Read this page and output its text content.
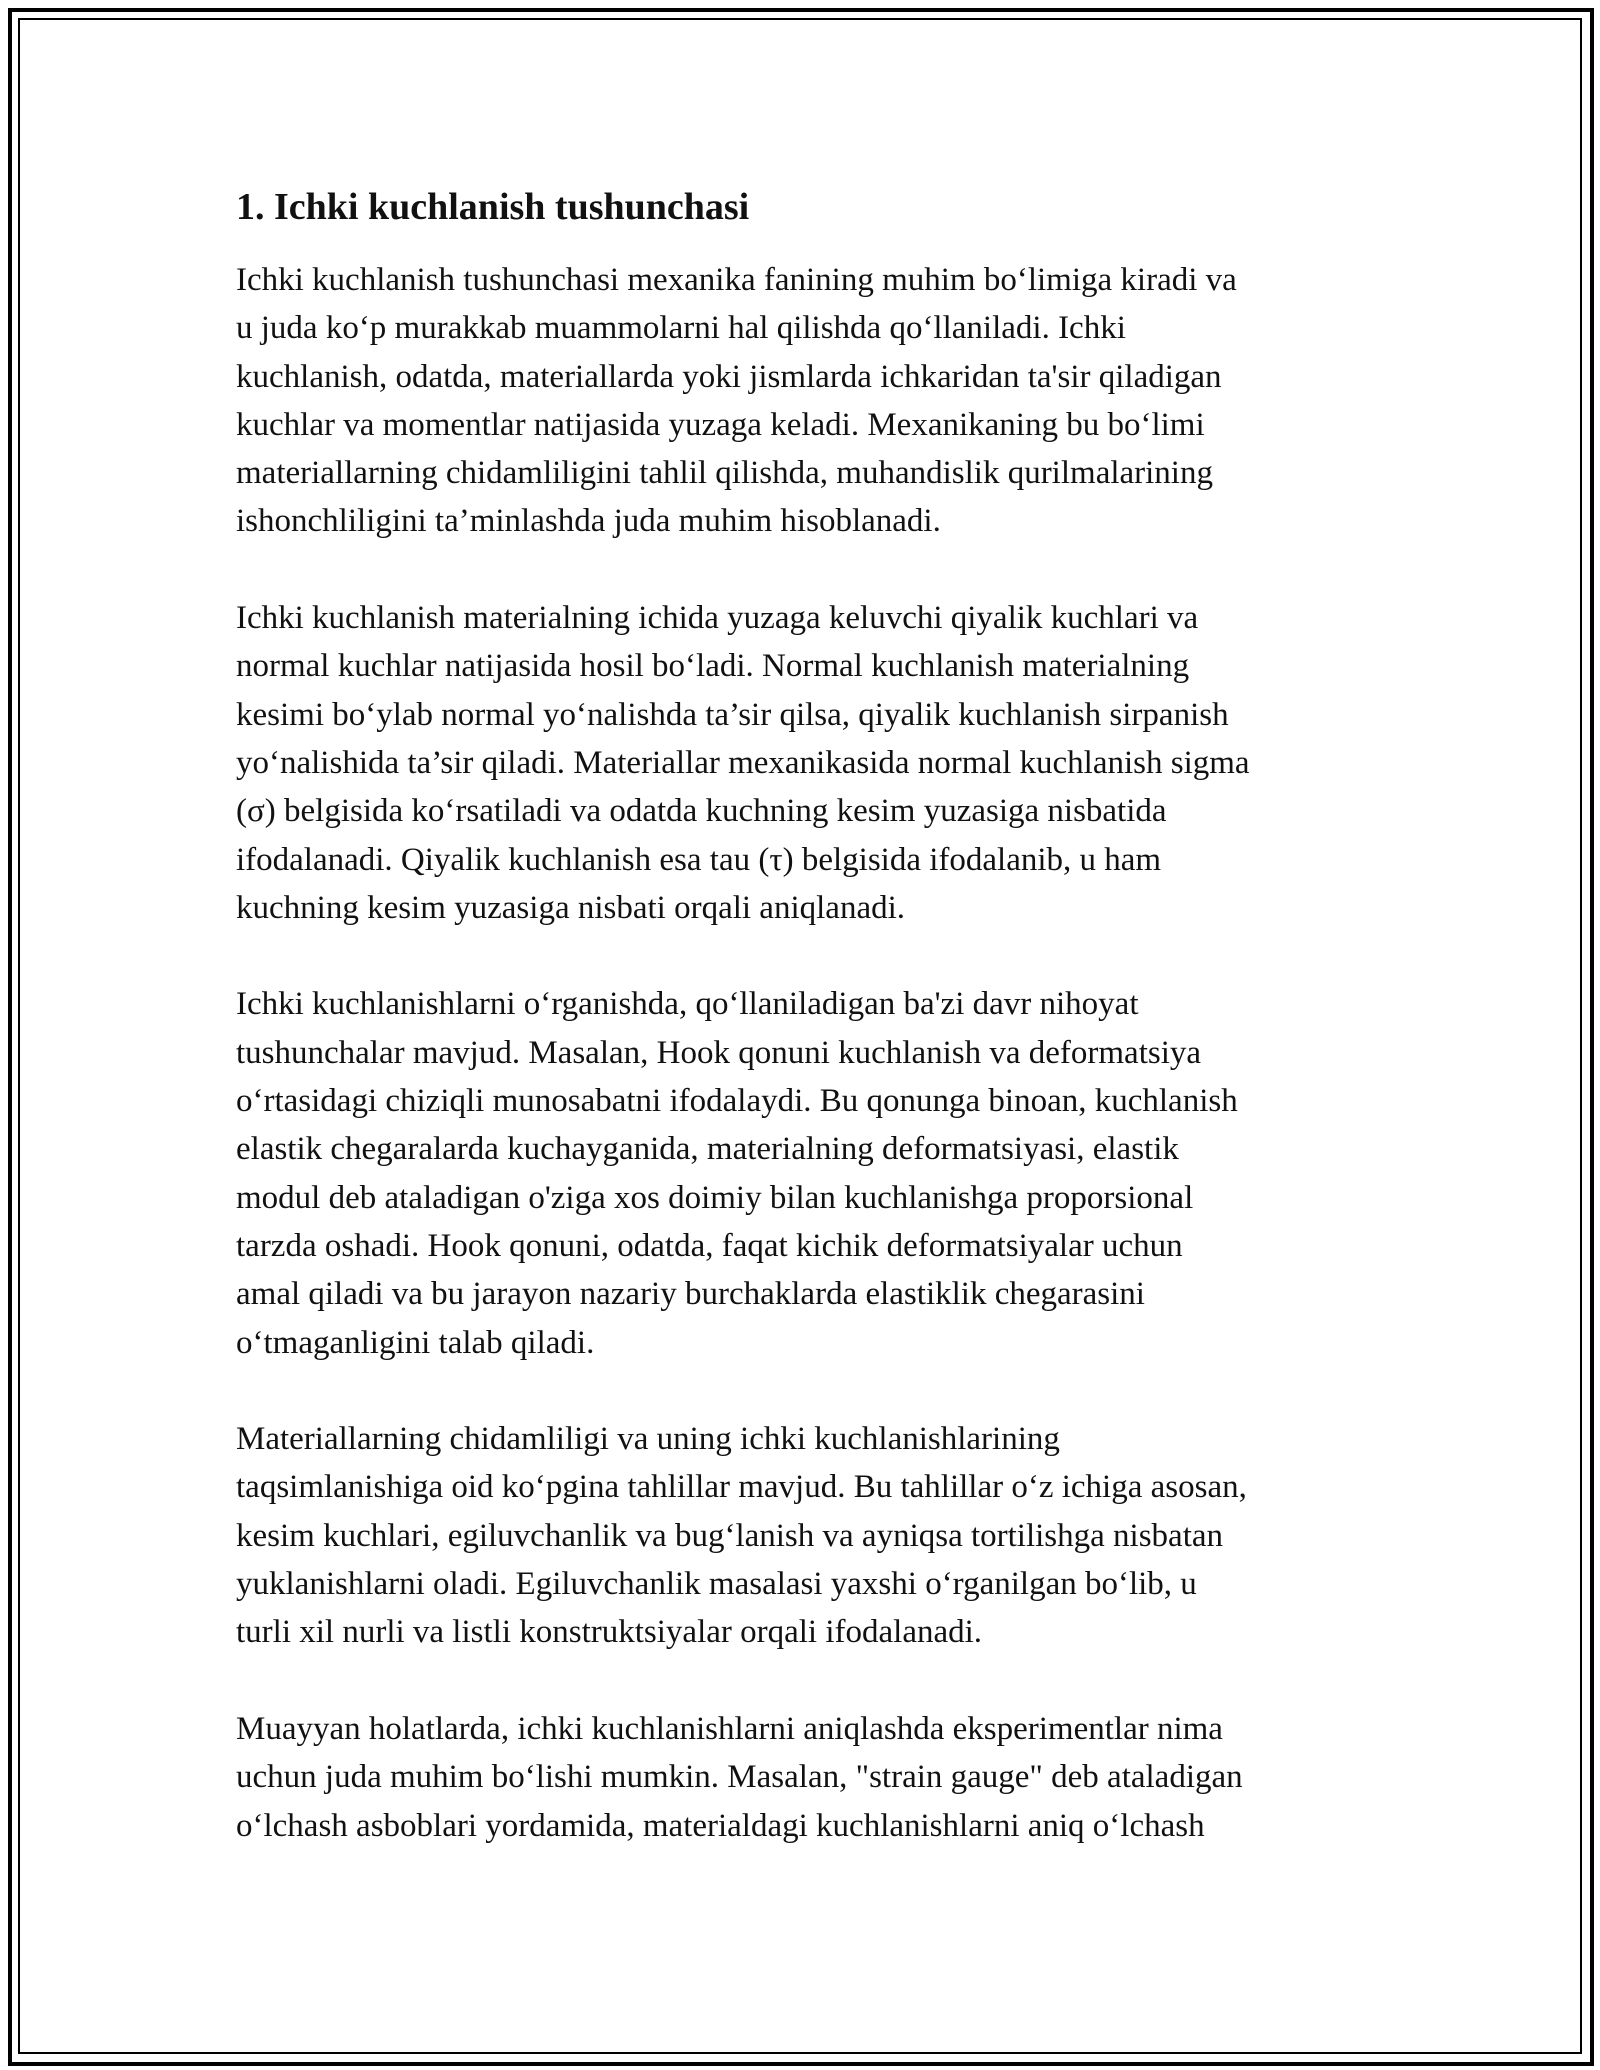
1. Ichki kuchlanish tushunchasi

Ichki kuchlanish tushunchasi mexanika fanining muhim bo‘limiga kiradi va
u juda ko‘p murakkab muammolarni hal qilishda qo‘llaniladi. Ichki
kuchlanish, odatda, materiallarda yoki jismlarda ichkaridan ta'sir qiladigan
kuchlar va momentlar natijasida yuzaga keladi. Mexanikaning bu bo‘limi
materiallarning chidamliligini tahlil qilishda, muhandislik qurilmalarining
ishonchliligini ta’minlashda juda muhim hisoblanadi.

Ichki kuchlanish materialning ichida yuzaga keluvchi qiyalik kuchlari va
normal kuchlar natijasida hosil bo‘ladi. Normal kuchlanish materialning
kesimi bo‘ylab normal yo‘nalishda ta’sir qilsa, qiyalik kuchlanish sirpanish
yo‘nalishida ta’sir qiladi. Materiallar mexanikasida normal kuchlanish sigma
(σ) belgisida ko‘rsatiladi va odatda kuchning kesim yuzasiga nisbatida
ifodalanadi. Qiyalik kuchlanish esa tau (τ) belgisida ifodalanib, u ham
kuchning kesim yuzasiga nisbati orqali aniqlanadi.

Ichki kuchlanishlarni o‘rganishda, qo‘llaniladigan ba'zi davr nihoyat
tushunchalar mavjud. Masalan, Hook qonuni kuchlanish va deformatsiya
o‘rtasidagi chiziqli munosabatni ifodalaydi. Bu qonunga binoan, kuchlanish
elastik chegaralarda kuchayganida, materialning deformatsiyasi, elastik
modul deb ataladigan o'ziga xos doimiy bilan kuchlanishga proporsional
tarzda oshadi. Hook qonuni, odatda, faqat kichik deformatsiyalar uchun
amal qiladi va bu jarayon nazariy burchaklarda elastiklik chegarasini
o‘tmaganligini talab qiladi.

Materiallarning chidamliligi va uning ichki kuchlanishlarining
taqsimlanishiga oid ko‘pgina tahlillar mavjud. Bu tahlillar o‘z ichiga asosan,
kesim kuchlari, egiluvchanlik va bug‘lanish va ayniqsa tortilishga nisbatan
yuklanishlarni oladi. Egiluvchanlik masalasi yaxshi o‘rganilgan bo‘lib, u
turli xil nurli va listli konstruktsiyalar orqali ifodalanadi.

Muayyan holatlarda, ichki kuchlanishlarni aniqlashda eksperimentlar nima
uchun juda muhim bo‘lishi mumkin. Masalan, "strain gauge" deb ataladigan
o‘lchash asboblari yordamida, materialdagi kuchlanishlarni aniq o‘lchash
